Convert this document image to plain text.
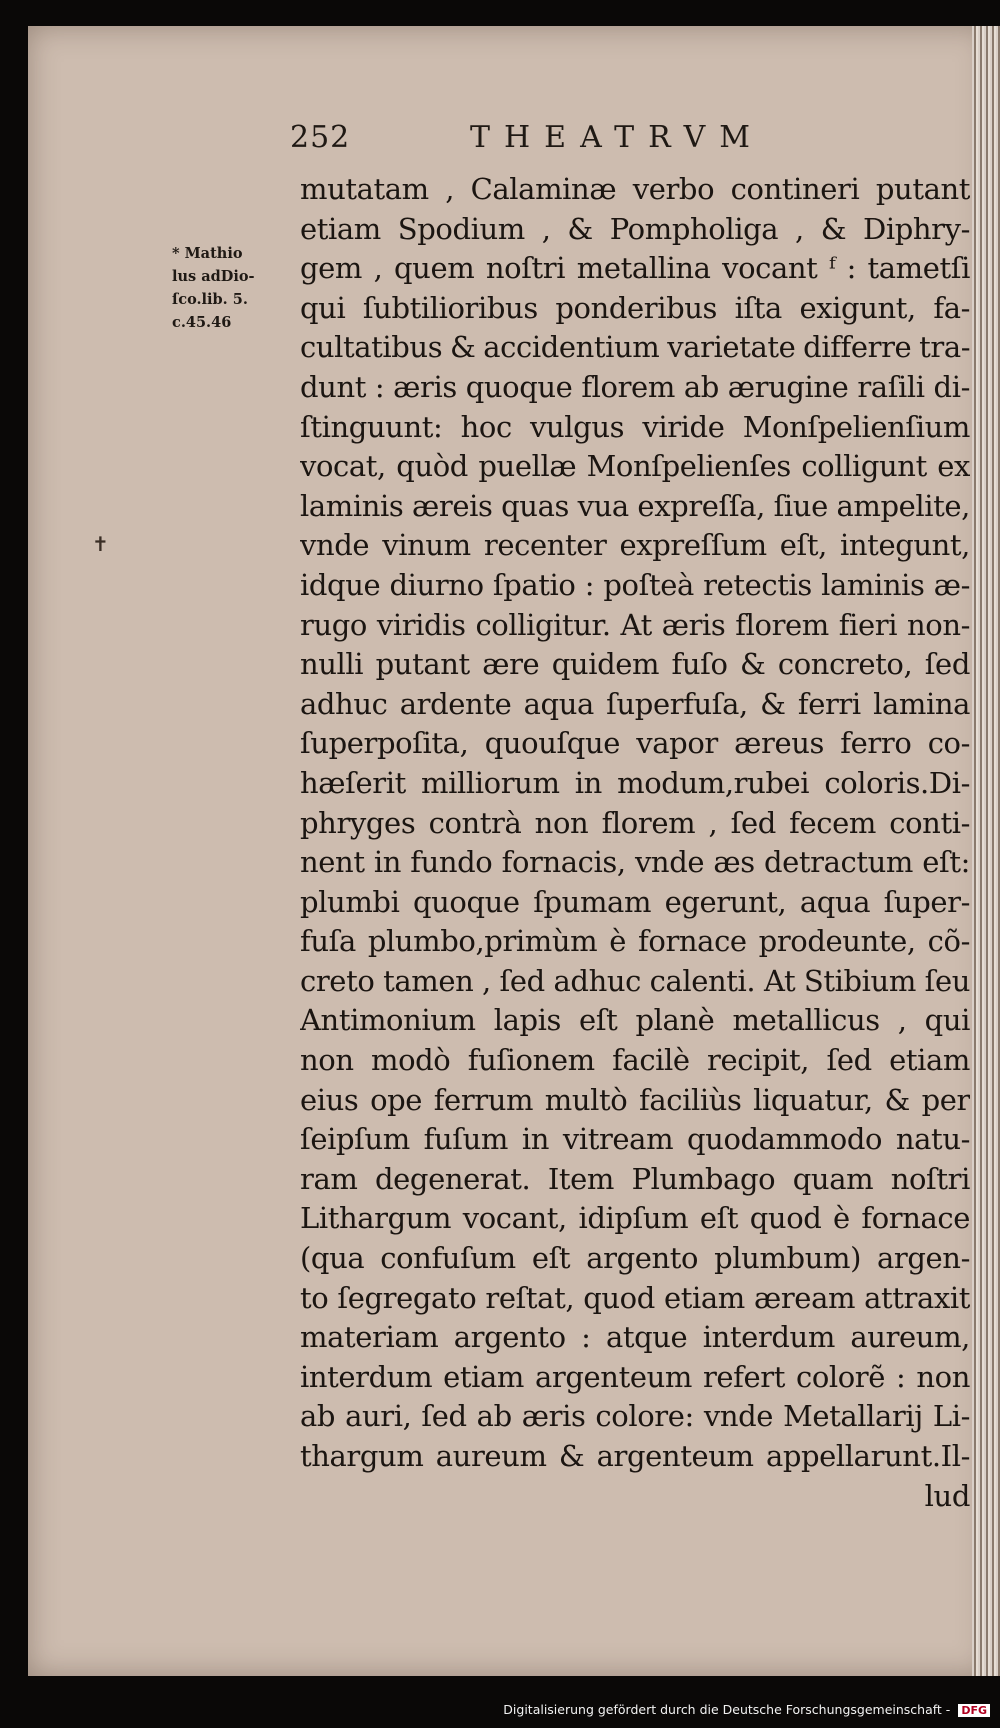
252	THEATRVM
* Mathio
lus adDio-
ſco.lib. 5.
c.45.46
✝
mutatam , Calaminæ verbo contineri putant
etiam Spodium , & Pompholiga , & Diphry-
gem , quem noſtri metallina vocant ᶠ : tametſi
qui ſubtilioribus ponderibus iſta exigunt, fa-
cultatibus & accidentium varietate differre tra-
dunt : æris quoque florem ab ærugine raſili di-
ſtinguunt: hoc vulgus viride Monſpelienſium
vocat, quòd puellæ Monſpelienſes colligunt ex
laminis æreis quas vua expreſſa, ſiue ampelite,
vnde vinum recenter expreſſum eſt, integunt,
idque diurno ſpatio : poſteà retectis laminis æ-
rugo viridis colligitur. At æris florem fieri non-
nulli putant ære quidem fuſo & concreto, ſed
adhuc ardente aqua ſuperfuſa, & ferri lamina
ſuperpoſita, quouſque vapor æreus ferro co-
hæſerit milliorum in modum,rubei coloris.Di-
phryges contrà non florem , ſed fecem conti-
nent in fundo fornacis, vnde æs detractum eſt:
plumbi quoque ſpumam egerunt, aqua ſuper-
fuſa plumbo,primùm è fornace prodeunte, cõ-
creto tamen , ſed adhuc calenti. At Stibium ſeu
Antimonium lapis eſt planè metallicus , qui
non modò fuſionem facilè recipit, ſed etiam
eius ope ferrum multò faciliùs liquatur, & per
ſeipſum fuſum in vitream quodammodo natu-
ram degenerat. Item Plumbago quam noſtri
Lithargum vocant, idipſum eſt quod è fornace
(qua confuſum eſt argento plumbum) argen-
to ſegregato reſtat, quod etiam æream attraxit
materiam argento : atque interdum aureum,
interdum etiam argenteum refert colorẽ : non
ab auri, ſed ab æris colore: vnde Metallarij Li-
thargum aureum & argenteum appellarunt.Il-
lud
Digitalisierung gefördert durch die Deutsche Forschungsgemeinschaft - DFG
